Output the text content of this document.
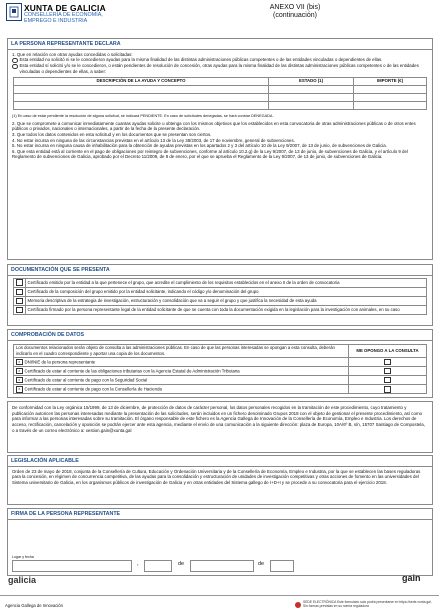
XUNTA DE GALICIA
CONSELLERÍA DE ECONOMÍA,
EMPREGO E INDUSTRIA
ANEXO VII (bis)
(continuación)
LA PERSONA REPRESENTANTE DECLARA
1. Que en relación con otras ayudas concedidas o solicitadas:
Esta entidad no solicitó ni se le concedieron ayudas para la misma finalidad de las distintas administraciones públicas competentes o de las entidades vinculadas o dependientes de ellas.
Esta entidad sí solicitó y/o se le concedieron, o están pendientes de resolución de concesión, otras ayudas para la misma finalidad de las distintas administraciones públicas competentes o de las entidades vinculadas o dependientes de ellas, a saber:
DESCRIPCIÓN DE LA AYUDA Y CONCEPTO	ESTADO (1)	IMPORTE (€)

(1) En caso de estar pendiente la resolución de alguna solicitud, se indicará PENDIENTE. En caso de solicitudes denegadas, se hará constar DENEGADA.
2. Que se compromete a comunicar inmediatamente cuantas ayudas solicite u obtenga con los mismos objetivos que los establecidos en esta convocatoria de otras administraciones públicas o de otros entes públicos o privados, nacionales o internacionales, a partir de la fecha de la presente declaración.
3. Que todos los datos contenidos en esta solicitud y en los documentos que se presentan son ciertos.
4. No estar incursa en ninguna de las circunstancias previstas en el artículo 13 de la Ley 38/2003, de 17 de noviembre, general de subvenciones.
5. No estar incursa en ninguna causa de inhabilitación para la obtención de ayudas previstas en los apartados 2 y 3 del artículo 10 de la Ley 9/2007, de 13 de junio, de subvenciones de Galicia.
6. Que esta entidad está al corriente en el pago de obligaciones por reintegro de subvenciones, conforme al artículo 10.2.g) de la Ley 9/2007, de 13 de junio, de subvenciones de Galicia, y el artículo 9 del Reglamento de subvenciones de Galicia, aprobado por el Decreto 11/2009, de 8 de enero, por el que se aprueba el Reglamento de la Ley 9/2007, de 13 de junio, de subvenciones de Galicia.
DOCUMENTACIÓN QUE SE PRESENTA
	Certificado emitido por la entidad a la que pertenece el grupo, que acredite el cumplimiento de los requisitos establecidos en el anexo II de la orden de convocatoria
	Certificado de la composición del grupo emitido por la entidad solicitante, indicando el código y/o denominación del grupo
	Memoria descriptiva de la estrategia de investigación, estructuración y consolidación que va a seguir el grupo y que justifica la necesidad de esta ayuda
	Certificado firmado por la persona representante legal de la entidad solicitante de que se cuenta con toda la documentación exigida en la legislación para la investigación con animales, en su caso
COMPROBACIÓN DE DATOS
Los documentos relacionados serán objeto de consulta a las administraciones públicas. En caso de que las personas interesadas se opongan a esta consulta, deberán indicarlo en el cuadro correspondiente y aportar una copia de los documentos.	ME OPONGO A LA CONSULTA
× DNI/NIE de la persona representante	
× Certificado de estar al corriente de las obligaciones tributarias con la Agencia Estatal de Administración Tributaria	
× Certificado de estar al corriente de pago con la Seguridad Social	
× Certificado de estar al corriente de pago con la Consellería de Hacienda	
De conformidad con la Ley orgánica 15/1999, de 13 de diciembre, de protección de datos de carácter personal, los datos personales recogidos en la tramitación de este procedimiento, cuyo tratamiento y publicación autoricen las personas interesadas mediante la presentación de las solicitudes, serán incluidos en un fichero denominado Grupos 2018 con el objeto de gestionar el presente procedimiento, así como para informar a las personas interesadas sobre su tramitación. El órgano responsable de este fichero es la Agencia Gallega de Innovación de la Consellería de Economía, Empleo e Industria. Los derechos de acceso, rectificación, cancelación y oposición se podrán ejercer ante esta agencia, mediante el envío de una comunicación a la siguiente dirección: plaza de Europa, 10A/6º B, s/n, 15707 Santiago de Compostela, o a través de un correo electrónico a: xestion.gain@xunta.gal
LEGISLACIÓN APLICABLE
Orden de 23 de mayo de 2018, conjunta de la Consellería de Cultura, Educación y Ordenación Universitaria y de la Consellería de Economía, Empleo e Industria, por la que se establecen las bases reguladoras para la concesión, en régimen de concurrencia competitiva, de las ayudas para la consolidación y estructuración de unidades de investigación competitivas y otras acciones de fomento en las universidades del Sistema universitario de Galicia, en los organismos públicos de investigación de Galicia y en otras entidades del Sistema gallego de I+D+I y se procede a su convocatoria para el ejercicio 2018.
FIRMA DE LA PERSONA REPRESENTANTE
Lugar y fecha
,	de	de
galicia	gain
Agencia Gallega de Innovación
SEDE ELECTRÓNICA Este formulario solo podrá presentarse en https://sede.xunta.gal. Sin formas previstas en su norma reguladora
